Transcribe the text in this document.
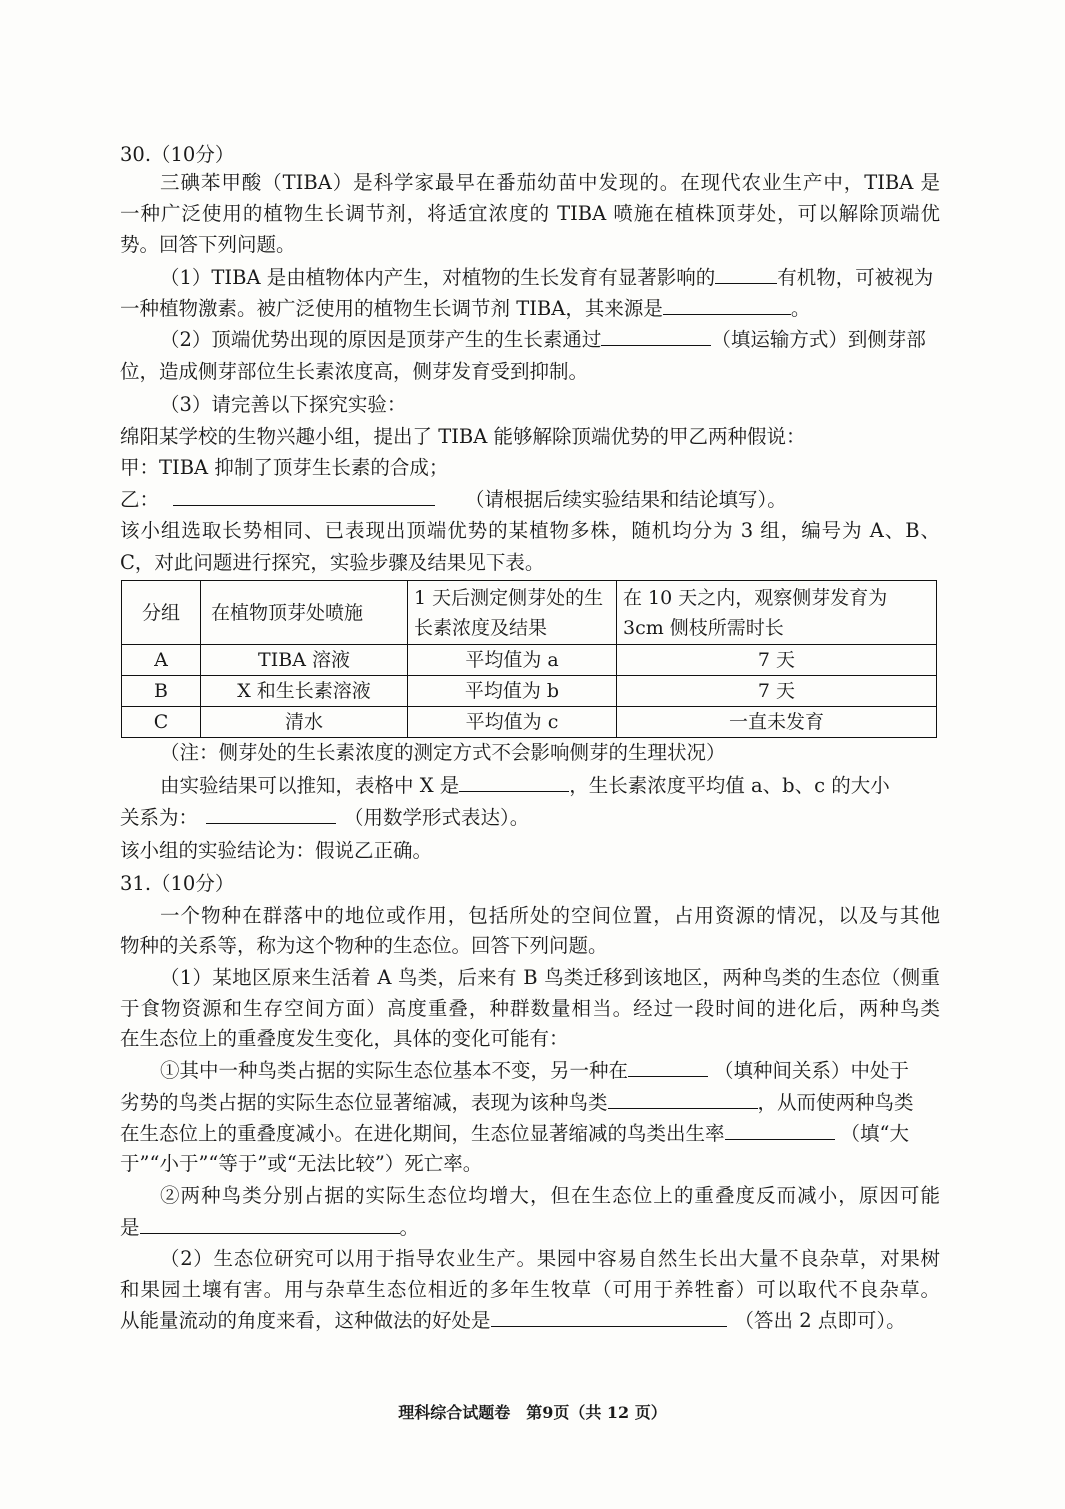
30.（10分）
三碘苯甲酸（TIBA）是科学家最早在番茄幼苗中发现的。在现代农业生产中，TIBA 是
一种广泛使用的植物生长调节剂，将适宜浓度的 TIBA 喷施在植株顶芽处，可以解除顶端优
势。回答下列问题。
（1）TIBA 是由植物体内产生，对植物的生长发育有显著影响的	有机物，可被视为
一种植物激素。被广泛使用的植物生长调节剂 TIBA，其来源是	。
（2）顶端优势出现的原因是顶芽产生的生长素通过	（填运输方式）到侧芽部
位，造成侧芽部位生长素浓度高，侧芽发育受到抑制。
（3）请完善以下探究实验：
绵阳某学校的生物兴趣小组，提出了 TIBA 能够解除顶端优势的甲乙两种假说：
甲：TIBA 抑制了顶芽生长素的合成；
乙：	（请根据后续实验结果和结论填写）。
该小组选取长势相同、已表现出顶端优势的某植物多株，随机均分为 3 组，编号为 A、B、
C，对此问题进行探究，实验步骤及结果见下表。
分组	在植物顶芽处喷施	1 天后测定侧芽处的生长素浓度及结果	在 10 天之内，观察侧芽发育为 3cm 侧枝所需时长
A	TIBA 溶液	平均值为 a	7 天
B	X 和生长素溶液	平均值为 b	7 天
C	清水	平均值为 c	一直未发育
（注：侧芽处的生长素浓度的测定方式不会影响侧芽的生理状况）
由实验结果可以推知，表格中 X 是	，生长素浓度平均值 a、b、c 的大小
关系为：	（用数学形式表达）。
该小组的实验结论为：假说乙正确。
31.（10分）
一个物种在群落中的地位或作用，包括所处的空间位置，占用资源的情况，以及与其他
物种的关系等，称为这个物种的生态位。回答下列问题。
（1）某地区原来生活着 A 鸟类，后来有 B 鸟类迁移到该地区，两种鸟类的生态位（侧重
于食物资源和生存空间方面）高度重叠，种群数量相当。经过一段时间的进化后，两种鸟类
在生态位上的重叠度发生变化，具体的变化可能有：
①其中一种鸟类占据的实际生态位基本不变，另一种在	（填种间关系）中处于
劣势的鸟类占据的实际生态位显著缩减，表现为该种鸟类	，从而使两种鸟类
在生态位上的重叠度减小。在进化期间，生态位显著缩减的鸟类出生率	（填“大
于”“小于”“等于”或“无法比较”）死亡率。
②两种鸟类分别占据的实际生态位均增大，但在生态位上的重叠度反而减小，原因可能
是	。
（2）生态位研究可以用于指导农业生产。果园中容易自然生长出大量不良杂草，对果树
和果园土壤有害。用与杂草生态位相近的多年生牧草（可用于养牲畜）可以取代不良杂草。
从能量流动的角度来看，这种做法的好处是	（答出 2 点即可）。
理科综合试题卷　第9页（共 12 页）
